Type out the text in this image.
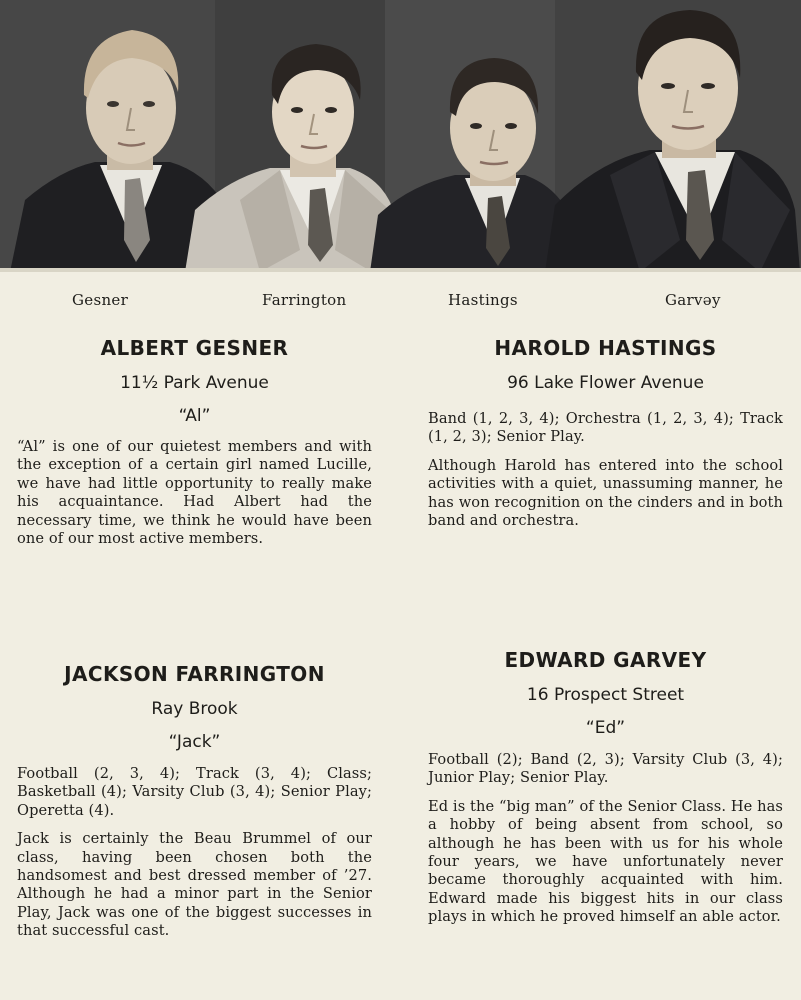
Gesner	Farrington	Hastings	Garvəy
ALBERT GESNER

11½ Park Avenue

“Al”

“Al” is one of our quietest members and with the exception of a certain girl named Lucille, we have had little opportunity to really make his acquaintance. Had Albert had the necessary time, we think he would have been one of our most active members.

HAROLD HASTINGS

96 Lake Flower Avenue

Band (1, 2, 3, 4); Orchestra (1, 2, 3, 4); Track (1, 2, 3); Senior Play.

Although Harold has entered into the school activities with a quiet, unassuming manner, he has won recognition on the cinders and in both band and orchestra.

JACKSON FARRINGTON

Ray Brook

“Jack”

Football (2, 3, 4); Track (3, 4); Class; Basketball (4); Varsity Club (3, 4); Senior Play; Operetta (4).

Jack is certainly the Beau Brummel of our class, having been chosen both the handsomest and best dressed member of ’27. Although he had a minor part in the Senior Play, Jack was one of the biggest successes in that successful cast.

EDWARD GARVEY

16 Prospect Street

“Ed”

Football (2); Band (2, 3); Varsity Club (3, 4); Junior Play; Senior Play.

Ed is the “big man” of the Senior Class. He has a hobby of being absent from school, so although he has been with us for his whole four years, we have unfortunately never became thoroughly acquainted with him. Edward made his biggest hits in our class plays in which he proved himself an able actor.
